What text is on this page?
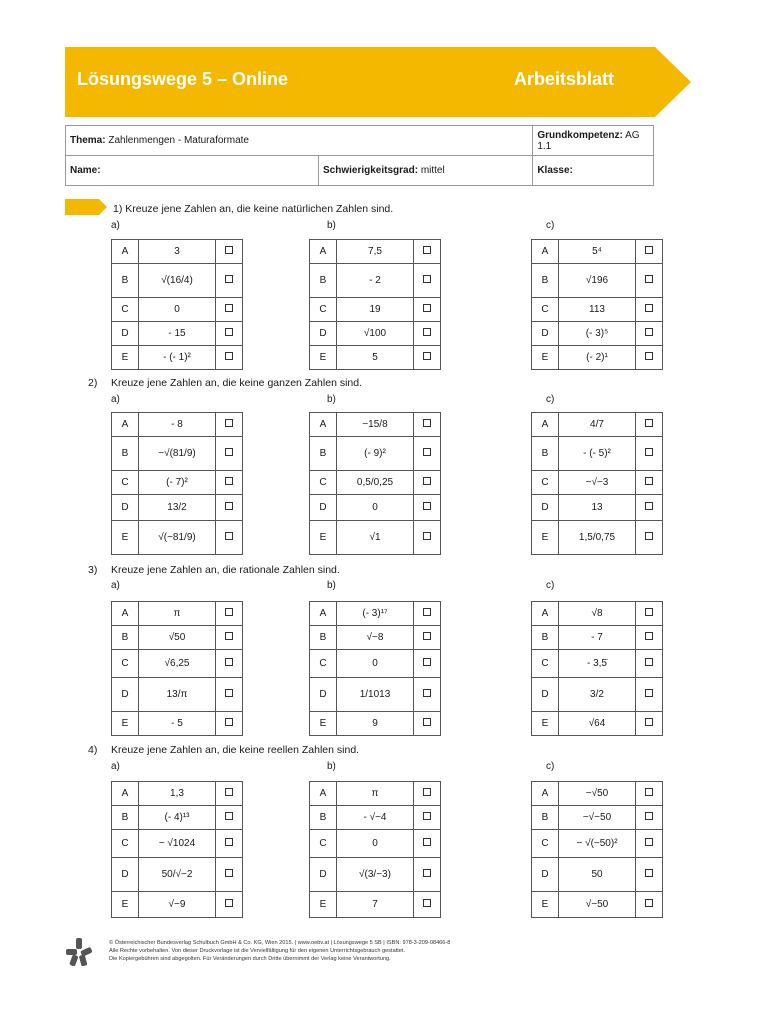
Lösungswege 5 – Online	Arbeitsblatt
Thema: Zahlenmengen - Maturaformate		Grundkompetenz: AG 1.1
Name:	Schwierigkeitsgrad: mittel	Klasse:
1) Kreuze jene Zahlen an, die keine natürlichen Zahlen sind.
a)
A	3	
B	√(16/4)	
C	0	
D	- 15	
E	- (- 1)²	
b)
A	7,5	
B	- 2	
C	19	
D	√100	
E	5	
c)
A	5⁴	
B	√196	
C	113	
D	(- 3)⁵	
E	(- 2)¹	
2) Kreuze jene Zahlen an, die keine ganzen Zahlen sind.
a)
A	- 8	
B	−√(81/9)	
C	(- 7)²	
D	13/2	
E	√(−81/9)	
b)
A	−15/8	
B	(- 9)²	
C	0,5/0,25	
D	0	
E	√1	
c)
A	4/7	
B	- (- 5)²	
C	−√−3	
D	13	
E	1,5/0,75	
3) Kreuze jene Zahlen an, die rationale Zahlen sind.
a)
A	π	
B	√50	
C	√6,25	
D	13/π	
E	- 5	
b)
A	(- 3)¹⁷	
B	√−8	
C	0	
D	1/1013	
E	9	
c)
A	√8	
B	- 7	
C	- 3,5̇	
D	3/2	
E	√64	
4) Kreuze jene Zahlen an, die keine reellen Zahlen sind.
a)
A	1,3	
B	(- 4)¹³	
C	− √1024	
D	50/√−2	
E	√−9	
b)
A	π	
B	- √−4	
C	0	
D	√(3/−3)	
E	7	
c)
A	−√50	
B	−√−50	
C	− √(−50)²	
D	50	
E	√−50	
© Österreichischer Bundesverlag Schulbuch GmbH & Co. KG, Wien 2015. | www.oebv.at | Lösungswege 5 SB | ISBN: 978-3-209-08466-8
Alle Rechte vorbehalten. Von dieser Druckvorlage ist die Vervielfältigung für den eigenen Unterrichtsgebrauch gestattet.
Die Kopiergebühren sind abgegolten. Für Veränderungen durch Dritte übernimmt der Verlag keine Verantwortung.
